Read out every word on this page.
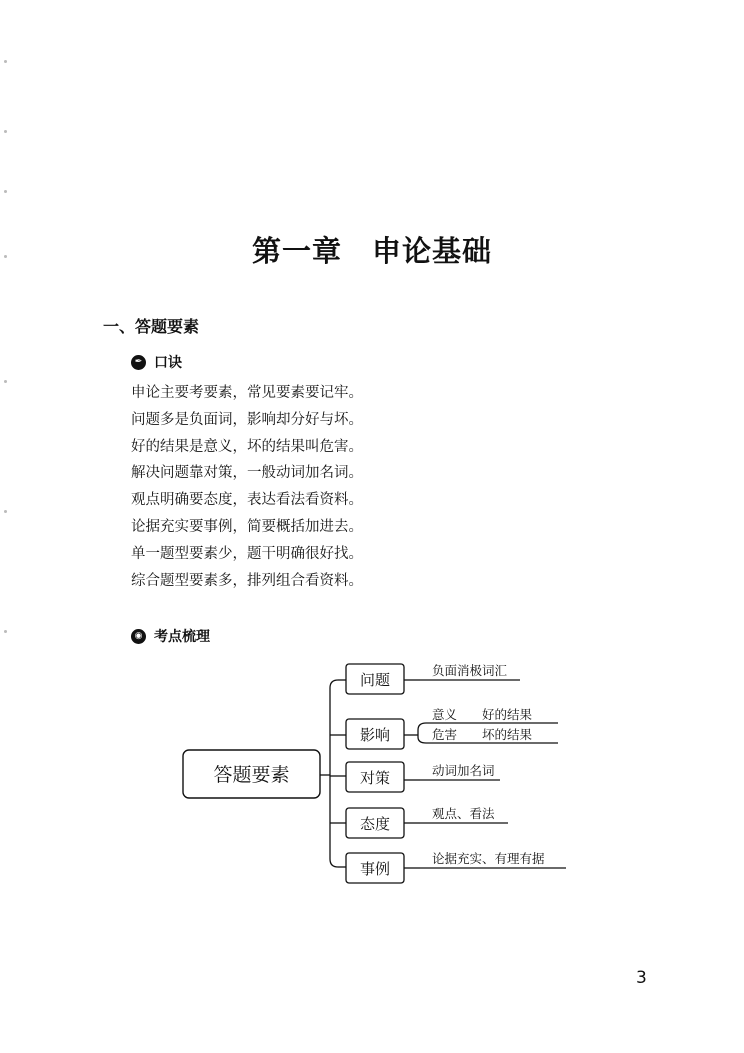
第一章　申论基础
一、答题要素
✒ 口诀
申论主要考要素，常见要素要记牢。
问题多是负面词，影响却分好与坏。
好的结果是意义，坏的结果叫危害。
解决问题靠对策，一般动词加名词。
观点明确要态度，表达看法看资料。
论据充实要事例，简要概括加进去。
单一题型要素少，题干明确很好找。
综合题型要素多，排列组合看资料。
◉ 考点梳理
答题要素
问题
影响
对策
态度
事例
负面消极词汇
意义　　好的结果
危害　　坏的结果
动词加名词
观点、看法
论据充实、有理有据
3
